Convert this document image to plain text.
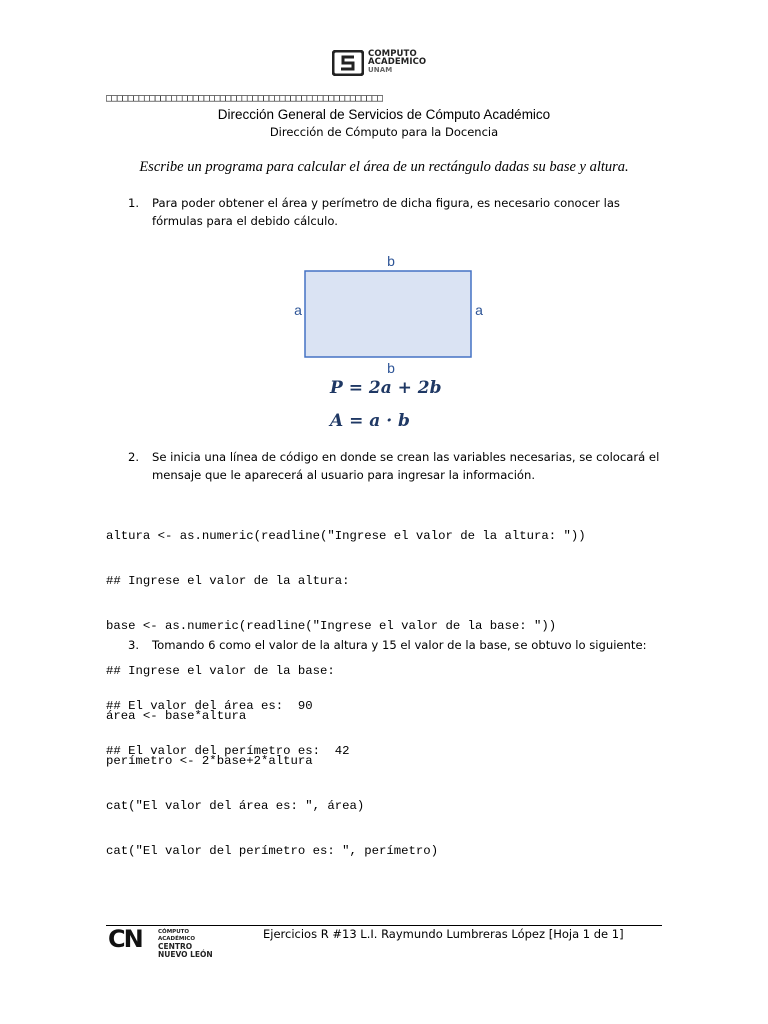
COMPUTO
ACADEMICO
UNAM
□□□□□□□□□□□□□□□□□□□□□□□□□□□□□□□□□□□□□□□□□□□□□□□□□□□
Dirección General de Servicios de Cómputo Académico
Dirección de Cómputo para la Docencia
Escribe un programa para calcular el área de un rectángulo dadas su base y altura.
1. Para poder obtener el área y perímetro de dicha figura, es necesario conocer las fórmulas para el debido cálculo.
b
b
a	a
P = 2a + 2b
A = a · b
2. Se inicia una línea de código en donde se crean las variables necesarias, se colocará el mensaje que le aparecerá al usuario para ingresar la información.

altura <- as.numeric(readline("Ingrese el valor de la altura: "))

## Ingrese el valor de la altura:

base <- as.numeric(readline("Ingrese el valor de la base: "))

## Ingrese el valor de la base:

área <- base*altura

perímetro <- 2*base+2*altura

cat("El valor del área es: ", área)

cat("El valor del perímetro es: ", perímetro)

3. Tomando 6 como el valor de la altura y 15 el valor de la base, se obtuvo lo siguiente:

## El valor del área es:  90

## El valor del perímetro es:  42

CN	CÓMPUTO ACADÉMICO
CENTRO
NUEVO LEÓN
Ejercicios R #13 L.I. Raymundo Lumbreras López [Hoja 1 de 1]
